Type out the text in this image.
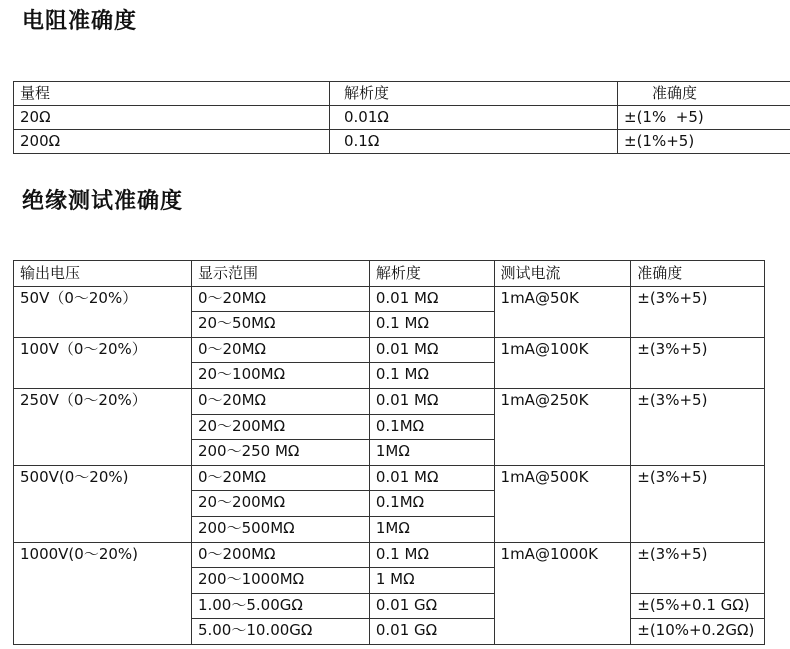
电阻准确度
量程	解析度	准确度
20Ω	0.01Ω	±(1%  +5)
200Ω	0.1Ω	±(1%+5)
绝缘测试准确度
输出电压	显示范围	解析度	测试电流	准确度
50V（0～20%）	0～20MΩ	0.01 MΩ	1mA@50K	±(3%+5)
	20～50MΩ	0.1 MΩ		
100V（0～20%）	0～20MΩ	0.01 MΩ	1mA@100K	±(3%+5)
	20～100MΩ	0.1 MΩ		
250V（0～20%）	0～20MΩ	0.01 MΩ	1mA@250K	±(3%+5)
	20～200MΩ	0.1MΩ		
	200～250 MΩ	1MΩ		
500V(0～20%)	0～20MΩ	0.01 MΩ	1mA@500K	±(3%+5)
	20～200MΩ	0.1MΩ		
	200～500MΩ	1MΩ		
1000V(0～20%)	0～200MΩ	0.1 MΩ	1mA@1000K	±(3%+5)
	200～1000MΩ	1 MΩ		
	1.00～5.00GΩ	0.01 GΩ		±(5%+0.1 GΩ)
	5.00～10.00GΩ	0.01 GΩ		±(10%+0.2GΩ)
